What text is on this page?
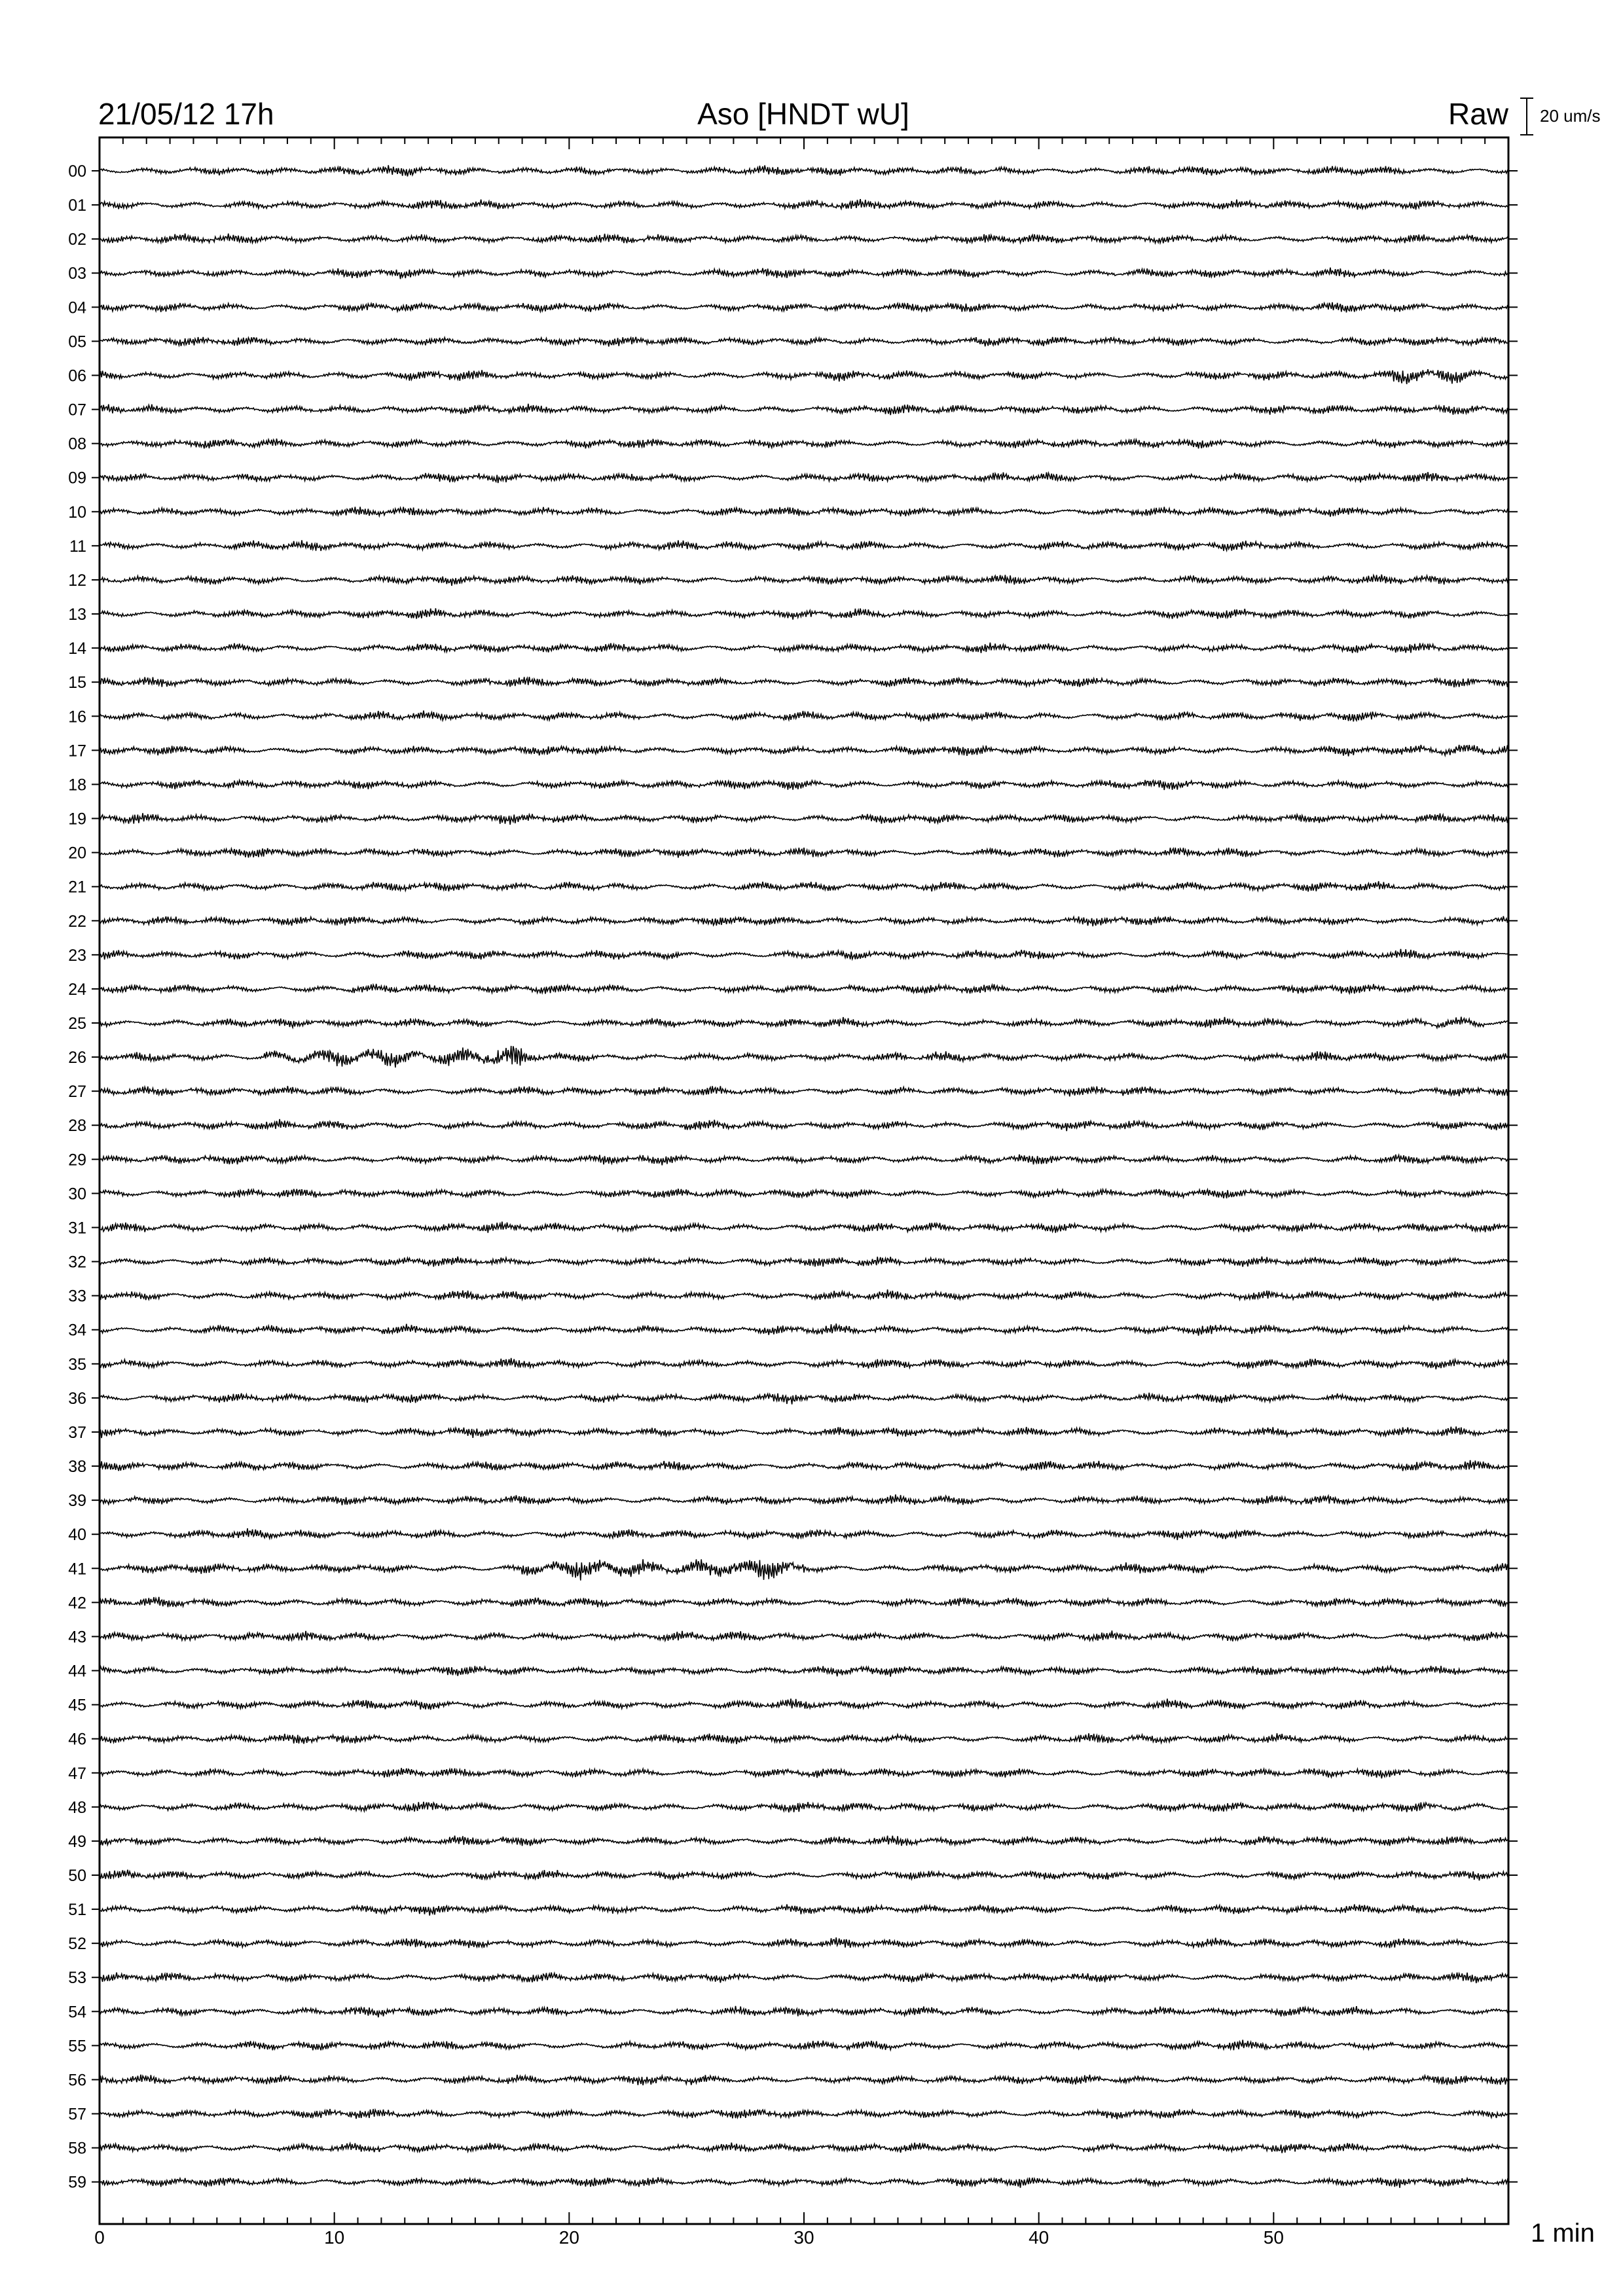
21/05/12 17h	Aso [HNDT wU]	Raw 20 um/s
00
01
02
03
04
05
06
07
08
09
10
11
12
13
14
15
16
17
18
19
20
21
22
23
24
25
26
27
28
29
30
31
32
33
34
35
36
37
38
39
40
41
42
43
44
45
46
47
48
49
50
51
52
53
54
55
56
57
58
59
0	10	20	30	40	50	1 min
